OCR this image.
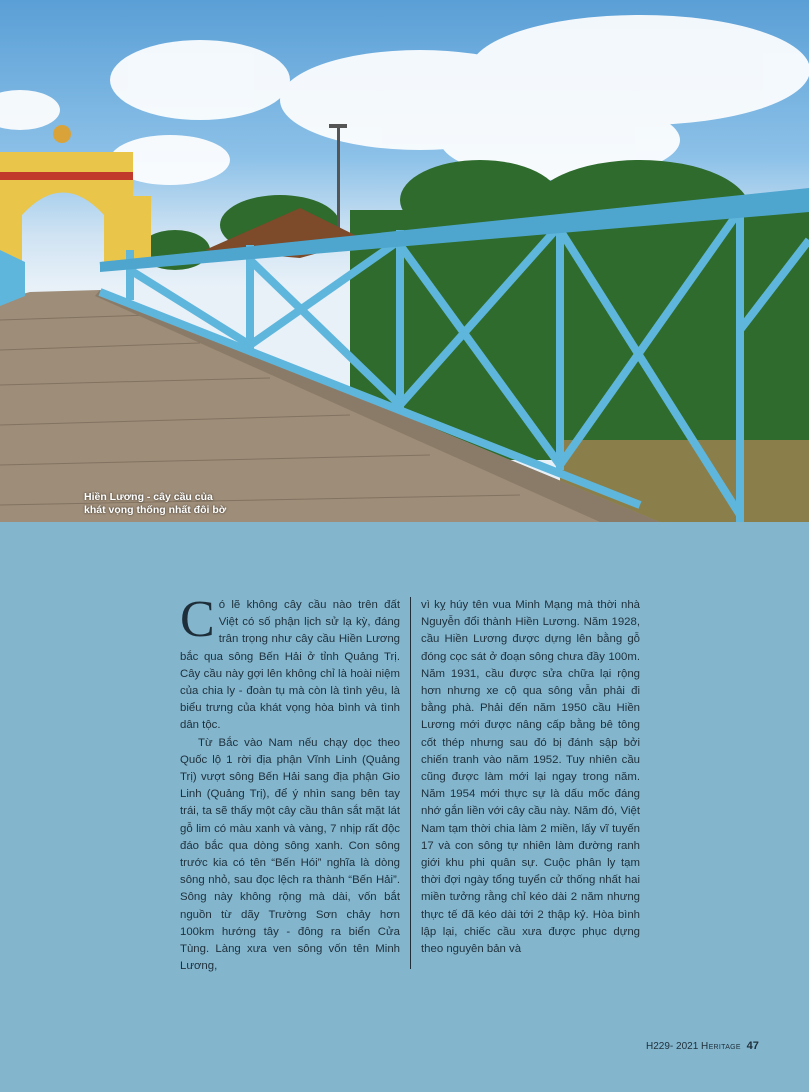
Hiền Lương - cây cầu của
khát vọng thống nhất đôi bờ

Có lẽ không cây cầu nào trên đất Việt có số phận lịch sử lạ kỳ, đáng trân trọng như cây cầu Hiền Lương bắc qua sông Bến Hải ở tỉnh Quảng Trị. Cây cầu này gợi lên không chỉ là hoài niệm của chia ly - đoàn tụ mà còn là tình yêu, là biểu trưng của khát vọng hòa bình và tình dân tộc.

Từ Bắc vào Nam nếu chạy dọc theo Quốc lộ 1 rời địa phận Vĩnh Linh (Quảng Trị) vượt sông Bến Hải sang địa phận Gio Linh (Quảng Trị), để ý nhìn sang bên tay trái, ta sẽ thấy một cây cầu thân sắt mặt lát gỗ lim có màu xanh và vàng, 7 nhịp rất độc đáo bắc qua dòng sông xanh. Con sông trước kia có tên “Bến Hói” nghĩa là dòng sông nhỏ, sau đọc lệch ra thành “Bến Hải”. Sông này không rộng mà dài, vốn bắt nguồn từ dãy Trường Sơn chảy hơn 100km hướng tây - đông ra biển Cửa Tùng. Làng xưa ven sông vốn tên Minh Lương,

vì kỵ húy tên vua Minh Mạng mà thời nhà Nguyễn đổi thành Hiền Lương. Năm 1928, cầu Hiền Lương được dựng lên bằng gỗ đóng cọc sát ở đoạn sông chưa đầy 100m. Năm 1931, cầu được sửa chữa lại rộng hơn nhưng xe cộ qua sông vẫn phải đi bằng phà. Phải đến năm 1950 cầu Hiền Lương mới được nâng cấp bằng bê tông cốt thép nhưng sau đó bị đánh sập bởi chiến tranh vào năm 1952. Tuy nhiên cầu cũng được làm mới lại ngay trong năm. Năm 1954 mới thực sự là dấu mốc đáng nhớ gắn liền với cây cầu này. Năm đó, Việt Nam tạm thời chia làm 2 miền, lấy vĩ tuyến 17 và con sông tự nhiên làm đường ranh giới khu phi quân sự. Cuộc phân ly tạm thời đợi ngày tổng tuyển cử thống nhất hai miền tưởng rằng chỉ kéo dài 2 năm nhưng thực tế đã kéo dài tới 2 thập kỷ. Hòa bình lập lại, chiếc cầu xưa được phục dựng theo nguyên bản và

H229- 2021 Heritage 47
